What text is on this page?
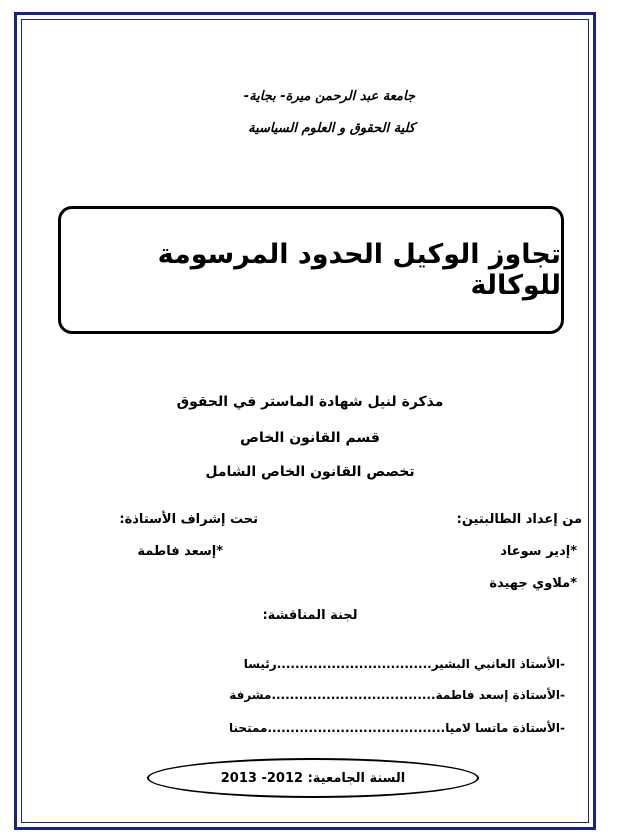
جامعة عبد الرحمن ميرة- بجاية-
كلية الحقوق و العلوم السياسية
تجاوز الوكيل الحدود المرسومة للوكالة
مذكرة لنيل شهادة الماستر في الحقوق
قسم القانون الخاص
تخصص القانون الخاص الشامل
من إعداد الطالبتين:
تحت إشراف الأستاذة:
*إدير سوعاد
*إسعد فاطمة
*ملاوي جهيدة
لجنة المناقشة:
-الأستاذ العانبي البشير..................................رئيسا
-الأستاذة إسعد فاطمة....................................مشرفة
-الأستاذة ماتسا لاميا.......................................ممتحنا
السنة الجامعية: 2012- 2013
